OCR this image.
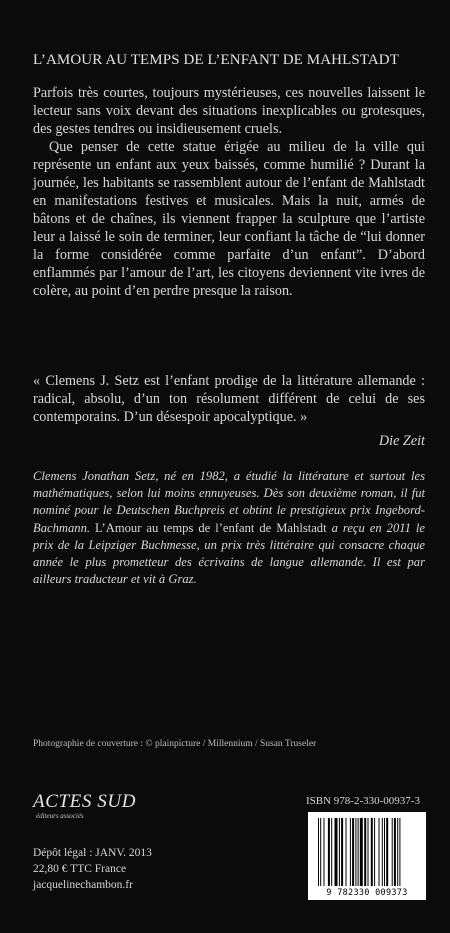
L’AMOUR AU TEMPS DE L’ENFANT DE MAHLSTADT

Parfois très courtes, toujours mystérieuses, ces nouvelles laissent le lecteur sans voix devant des situations inexplicables ou grotesques, des gestes tendres ou insidieusement cruels.

Que penser de cette statue érigée au milieu de la ville qui représente un enfant aux yeux baissés, comme humilié ? Durant la journée, les habitants se rassemblent autour de l’enfant de Mahlstadt en manifestations festives et musicales. Mais la nuit, armés de bâtons et de chaînes, ils viennent frapper la sculpture que l’artiste leur a laissé le soin de terminer, leur confiant la tâche de “lui donner la forme considérée comme parfaite d’un enfant”. D’abord enflammés par l’amour de l’art, les citoyens deviennent vite ivres de colère, au point d’en perdre presque la raison.

« Clemens J. Setz est l’enfant prodige de la littérature allemande : radical, absolu, d’un ton résolument différent de celui de ses contemporains. D’un désespoir apocalyptique. »

Die Zeit

Clemens Jonathan Setz, né en 1982, a étudié la littérature et surtout les mathématiques, selon lui moins ennuyeuses. Dès son deuxième roman, il fut nominé pour le Deutschen Buchpreis et obtint le prestigieux prix Ingebord-Bachmann. L’Amour au temps de l’enfant de Mahlstadt a reçu en 2011 le prix de la Leipziger Buchmesse, un prix très littéraire qui consacre chaque année le plus prometteur des écrivains de langue allemande. Il est par ailleurs traducteur et vit à Graz.

Photographie de couverture : © plainpicture / Millennium / Susan Truseler
ACTES SUD
éditeurs associés
ISBN 978-2-330-00937-3
9 782330 009373
Dépôt légal : JANV. 2013
22,80 € TTC France
jacquelinechambon.fr
